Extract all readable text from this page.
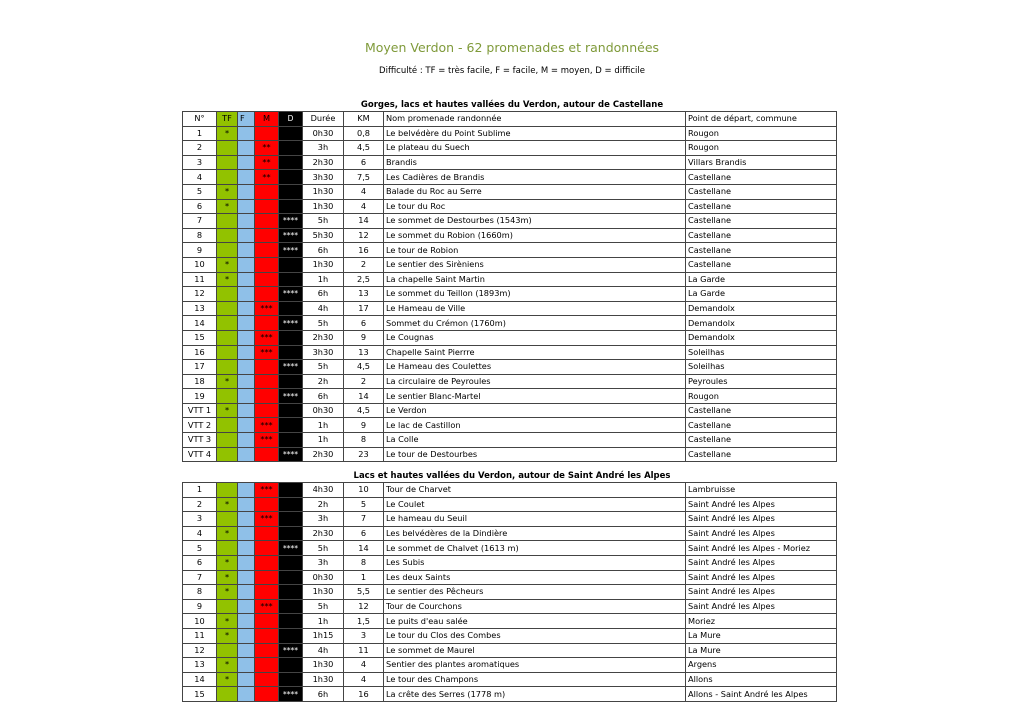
Moyen Verdon - 62 promenades et randonnées
Difficulté : TF = très facile, F = facile, M = moyen, D = difficile
Gorges, lacs et hautes vallées du Verdon, autour de Castellane
N°	TF	F	M	D	Durée	KM	Nom promenade randonnée	Point de départ, commune
1	*				0h30	0,8	Le belvédère du Point Sublime	Rougon
2			**		3h	4,5	Le plateau du Suech	Rougon
3			**		2h30	6	Brandis	Villars Brandis
4			**		3h30	7,5	Les Cadières de Brandis	Castellane
5	*				1h30	4	Balade du Roc au Serre	Castellane
6	*				1h30	4	Le tour du Roc	Castellane
7				****	5h	14	Le sommet de Destourbes (1543m)	Castellane
8				****	5h30	12	Le sommet du Robion (1660m)	Castellane
9				****	6h	16	Le tour de Robion	Castellane
10	*				1h30	2	Le sentier des Sirèniens	Castellane
11	*				1h	2,5	La chapelle Saint Martin	La Garde
12				****	6h	13	Le sommet du Teillon (1893m)	La Garde
13			***		4h	17	Le Hameau de Ville	Demandolx
14				****	5h	6	Sommet du Crémon (1760m)	Demandolx
15			***		2h30	9	Le Cougnas	Demandolx
16			***		3h30	13	Chapelle Saint Pierrre	Soleilhas
17				****	5h	4,5	Le Hameau des Coulettes	Soleilhas
18	*				2h	2	La circulaire de Peyroules	Peyroules
19				****	6h	14	Le sentier Blanc-Martel	Rougon
VTT 1	*				0h30	4,5	Le Verdon	Castellane
VTT 2			***		1h	9	Le lac de Castillon	Castellane
VTT 3			***		1h	8	La Colle	Castellane
VTT 4				****	2h30	23	Le tour de Destourbes	Castellane
Lacs et hautes vallées du Verdon, autour de Saint André les Alpes
1			***		4h30	10	Tour de Charvet	Lambruisse
2	*				2h	5	Le Coulet	Saint André les Alpes
3			***		3h	7	Le hameau du Seuil	Saint André les Alpes
4	*				2h30	6	Les belvédères de la Dindière	Saint André les Alpes
5				****	5h	14	Le sommet de Chalvet (1613 m)	Saint André les Alpes - Moriez
6	*				3h	8	Les Subis	Saint André les Alpes
7	*				0h30	1	Les deux Saints	Saint André les Alpes
8	*				1h30	5,5	Le sentier des Pêcheurs	Saint André les Alpes
9			***		5h	12	Tour de Courchons	Saint André les Alpes
10	*				1h	1,5	Le puits d'eau salée	Moriez
11	*				1h15	3	Le tour du Clos des Combes	La Mure
12				****	4h	11	Le sommet de Maurel	La Mure
13	*				1h30	4	Sentier des plantes aromatiques	Argens
14	*				1h30	4	Le tour des Champons	Allons
15				****	6h	16	La crête des Serres (1778 m)	Allons - Saint André les Alpes
